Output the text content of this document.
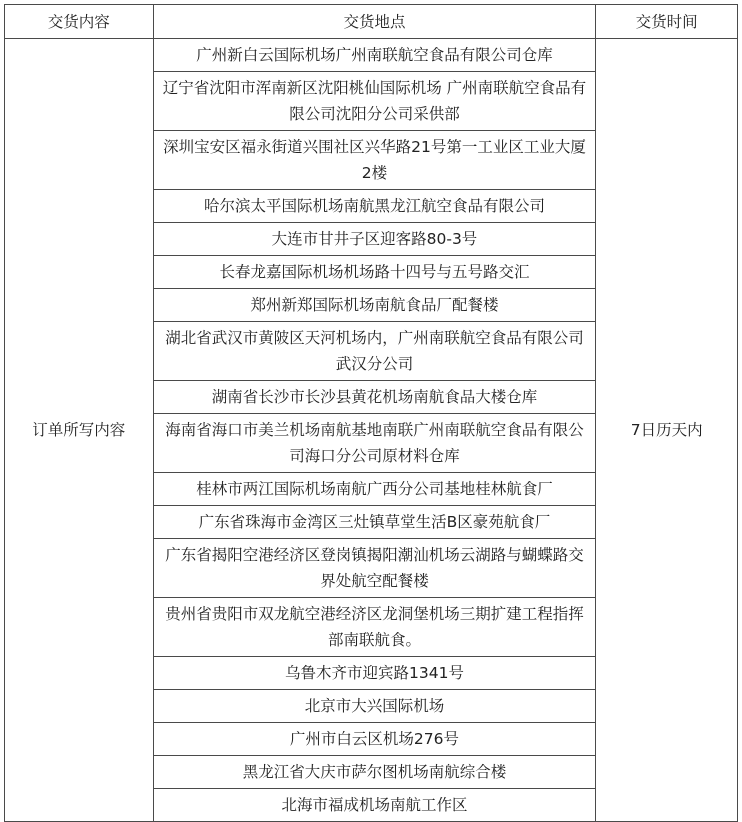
交货内容	交货地点	交货时间
订单所写内容	广州新白云国际机场广州南联航空食品有限公司仓库	7日历天内
	辽宁省沈阳市浑南新区沈阳桃仙国际机场 广州南联航空食品有限公司沈阳分公司采供部	
	深圳宝安区福永街道兴围社区兴华路21号第一工业区工业大厦2楼	
	哈尔滨太平国际机场南航黑龙江航空食品有限公司	
	大连市甘井子区迎客路80-3号	
	长春龙嘉国际机场机场路十四号与五号路交汇	
	郑州新郑国际机场南航食品厂配餐楼	
	湖北省武汉市黄陂区天河机场内，广州南联航空食品有限公司武汉分公司	
	湖南省长沙市长沙县黄花机场南航食品大楼仓库	
	海南省海口市美兰机场南航基地南联广州南联航空食品有限公司海口分公司原材料仓库	
	桂林市两江国际机场南航广西分公司基地桂林航食厂	
	广东省珠海市金湾区三灶镇草堂生活B区豪苑航食厂	
	广东省揭阳空港经济区登岗镇揭阳潮汕机场云湖路与蝴蝶路交界处航空配餐楼	
	贵州省贵阳市双龙航空港经济区龙洞堡机场三期扩建工程指挥部南联航食。	
	乌鲁木齐市迎宾路1341号	
	北京市大兴国际机场	
	广州市白云区机场276号	
	黑龙江省大庆市萨尔图机场南航综合楼	
	北海市福成机场南航工作区	
